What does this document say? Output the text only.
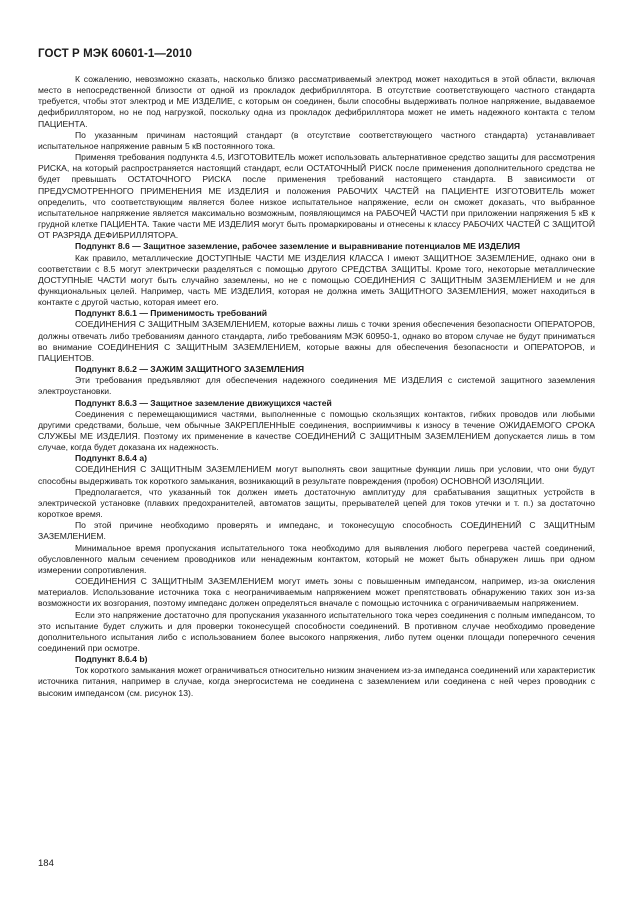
ГОСТ Р МЭК 60601-1—2010

К сожалению, невозможно сказать, насколько близко рассматриваемый электрод может находиться в этой области, включая место в непосредственной близости от одной из прокладок дефибриллятора. В отсутствие соответствующего частного стандарта требуется, чтобы этот электрод и МЕ ИЗДЕЛИЕ, с которым он соединен, были способны выдерживать полное напряжение, выдаваемое дефибриллятором, но не под нагрузкой, поскольку одна из прокладок дефибриллятора может не иметь надежного контакта с телом ПАЦИЕНТА.

По указанным причинам настоящий стандарт (в отсутствие соответствующего частного стандарта) устанавливает испытательное напряжение равным 5 кВ постоянного тока.

Применяя требования подпункта 4.5, ИЗГОТОВИТЕЛЬ может использовать альтернативное средство защиты для рассмотрения РИСКА, на который распространяется настоящий стандарт, если ОСТАТОЧНЫЙ РИСК после применения дополнительного средства не будет превышать ОСТАТОЧНОГО РИСКА после применения требований настоящего стандарта. В зависимости от ПРЕДУСМОТРЕННОГО ПРИМЕНЕНИЯ МЕ ИЗДЕЛИЯ и положения РАБОЧИХ ЧАСТЕЙ на ПАЦИЕНТЕ ИЗГОТОВИТЕЛЬ может определить, что соответствующим является более низкое испытательное напряжение, если он сможет доказать, что выбранное испытательное напряжение является максимально возможным, появляющимся на РАБОЧЕЙ ЧАСТИ при приложении напряжения 5 кВ к грудной клетке ПАЦИЕНТА. Такие части МЕ ИЗДЕЛИЯ могут быть промаркированы и отнесены к классу РАБОЧИХ ЧАСТЕЙ С ЗАЩИТОЙ ОТ РАЗРЯДА ДЕФИБРИЛЛЯТОРА.

Подпункт 8.6 — Защитное заземление, рабочее заземление и выравнивание потенциалов МЕ ИЗДЕЛИЯ

Как правило, металлические ДОСТУПНЫЕ ЧАСТИ МЕ ИЗДЕЛИЯ КЛАССА I имеют ЗАЩИТНОЕ ЗАЗЕМЛЕНИЕ, однако они в соответствии с 8.5 могут электрически разделяться с помощью другого СРЕДСТВА ЗАЩИТЫ. Кроме того, некоторые металлические ДОСТУПНЫЕ ЧАСТИ могут быть случайно заземлены, но не с помощью СОЕДИНЕНИЯ С ЗАЩИТНЫМ ЗАЗЕМЛЕНИЕМ и не для функциональных целей. Например, часть МЕ ИЗДЕЛИЯ, которая не должна иметь ЗАЩИТНОГО ЗАЗЕМЛЕНИЯ, может находиться в контакте с другой частью, которая имеет его.

Подпункт 8.6.1 — Применимость требований

СОЕДИНЕНИЯ С ЗАЩИТНЫМ ЗАЗЕМЛЕНИЕМ, которые важны лишь с точки зрения обеспечения безопасности ОПЕРАТОРОВ, должны отвечать либо требованиям данного стандарта, либо требованиям МЭК 60950-1, однако во втором случае не будут приниматься во внимание СОЕДИНЕНИЯ С ЗАЩИТНЫМ ЗАЗЕМЛЕНИЕМ, которые важны для обеспечения безопасности и ОПЕРАТОРОВ, и ПАЦИЕНТОВ.

Подпункт 8.6.2 — ЗАЖИМ ЗАЩИТНОГО ЗАЗЕМЛЕНИЯ

Эти требования предъявляют для обеспечения надежного соединения МЕ ИЗДЕЛИЯ с системой защитного заземления электроустановки.

Подпункт 8.6.3 — Защитное заземление движущихся частей

Соединения с перемещающимися частями, выполненные с помощью скользящих контактов, гибких проводов или любыми другими средствами, больше, чем обычные ЗАКРЕПЛЕННЫЕ соединения, восприимчивы к износу в течение ОЖИДАЕМОГО СРОКА СЛУЖБЫ МЕ ИЗДЕЛИЯ. Поэтому их применение в качестве СОЕДИНЕНИЙ С ЗАЩИТНЫМ ЗАЗЕМЛЕНИЕМ допускается лишь в том случае, когда будет доказана их надежность.

Подпункт 8.6.4 а)

СОЕДИНЕНИЯ С ЗАЩИТНЫМ ЗАЗЕМЛЕНИЕМ могут выполнять свои защитные функции лишь при условии, что они будут способны выдерживать ток короткого замыкания, возникающий в результате повреждения (пробоя) ОСНОВНОЙ ИЗОЛЯЦИИ.

Предполагается, что указанный ток должен иметь достаточную амплитуду для срабатывания защитных устройств в электрической установке (плавких предохранителей, автоматов защиты, прерывателей цепей для токов утечки и т. п.) за достаточно короткое время.

По этой причине необходимо проверять и импеданс, и токонесущую способность СОЕДИНЕНИЙ С ЗАЩИТНЫМ ЗАЗЕМЛЕНИЕМ.

Минимальное время пропускания испытательного тока необходимо для выявления любого перегрева частей соединений, обусловленного малым сечением проводников или ненадежным контактом, который не может быть обнаружен лишь при одном измерении сопротивления.

СОЕДИНЕНИЯ С ЗАЩИТНЫМ ЗАЗЕМЛЕНИЕМ могут иметь зоны с повышенным импедансом, например, из-за окисления материалов. Использование источника тока с неограничиваемым напряжением может препятствовать обнаружению таких зон из-за возможности их возгорания, поэтому импеданс должен определяться вначале с помощью источника с ограничиваемым напряжением.

Если это напряжение достаточно для пропускания указанного испытательного тока через соединения с полным импедансом, то это испытание будет служить и для проверки токонесущей способности соединений. В противном случае необходимо проведение дополнительного испытания либо с использованием более высокого напряжения, либо путем оценки площади поперечного сечения соединений при осмотре.

Подпункт 8.6.4 b)

Ток короткого замыкания может ограничиваться относительно низким значением из-за импеданса соединений или характеристик источника питания, например в случае, когда энергосистема не соединена с заземлением или соединена с ней через проводник с высоким импедансом (см. рисунок 13).

184
